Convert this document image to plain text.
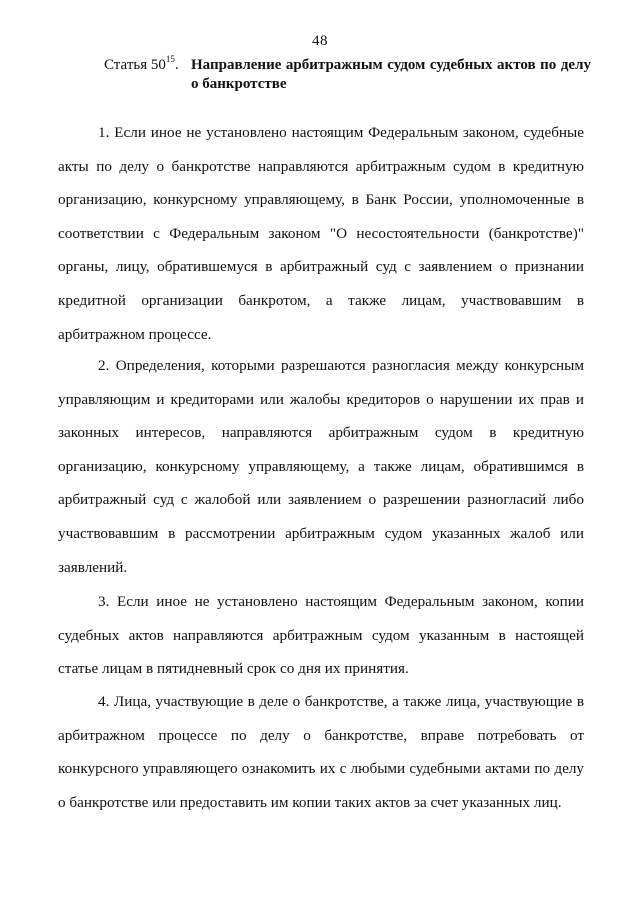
48
Статья $50^{15}$. Направление арбитражным судом судебных актов по делу о банкротстве

1. Если иное не установлено настоящим Федеральным законом, судебные акты по делу о банкротстве направляются арбитражным судом в кредитную организацию, конкурсному управляющему, в Банк России, уполномоченные в соответствии с Федеральным законом "О несостоятельности (банкротстве)" органы, лицу, обратившемуся в арбитражный суд с заявлением о признании кредитной организации банкротом, а также лицам, участвовавшим в арбитражном процессе.

2. Определения, которыми разрешаются разногласия между конкурсным управляющим и кредиторами или жалобы кредиторов о нарушении их прав и законных интересов, направляются арбитражным судом в кредитную организацию, конкурсному управляющему, а также лицам, обратившимся в арбитражный суд с жалобой или заявлением о разрешении разногласий либо участвовавшим в рассмотрении арбитражным судом указанных жалоб или заявлений.

3. Если иное не установлено настоящим Федеральным законом, копии судебных актов направляются арбитражным судом указанным в настоящей статье лицам в пятидневный срок со дня их принятия.

4. Лица, участвующие в деле о банкротстве, а также лица, участвующие в арбитражном процессе по делу о банкротстве, вправе потребовать от конкурсного управляющего ознакомить их с любыми судебными актами по делу о банкротстве или предоставить им копии таких актов за счет указанных лиц.
